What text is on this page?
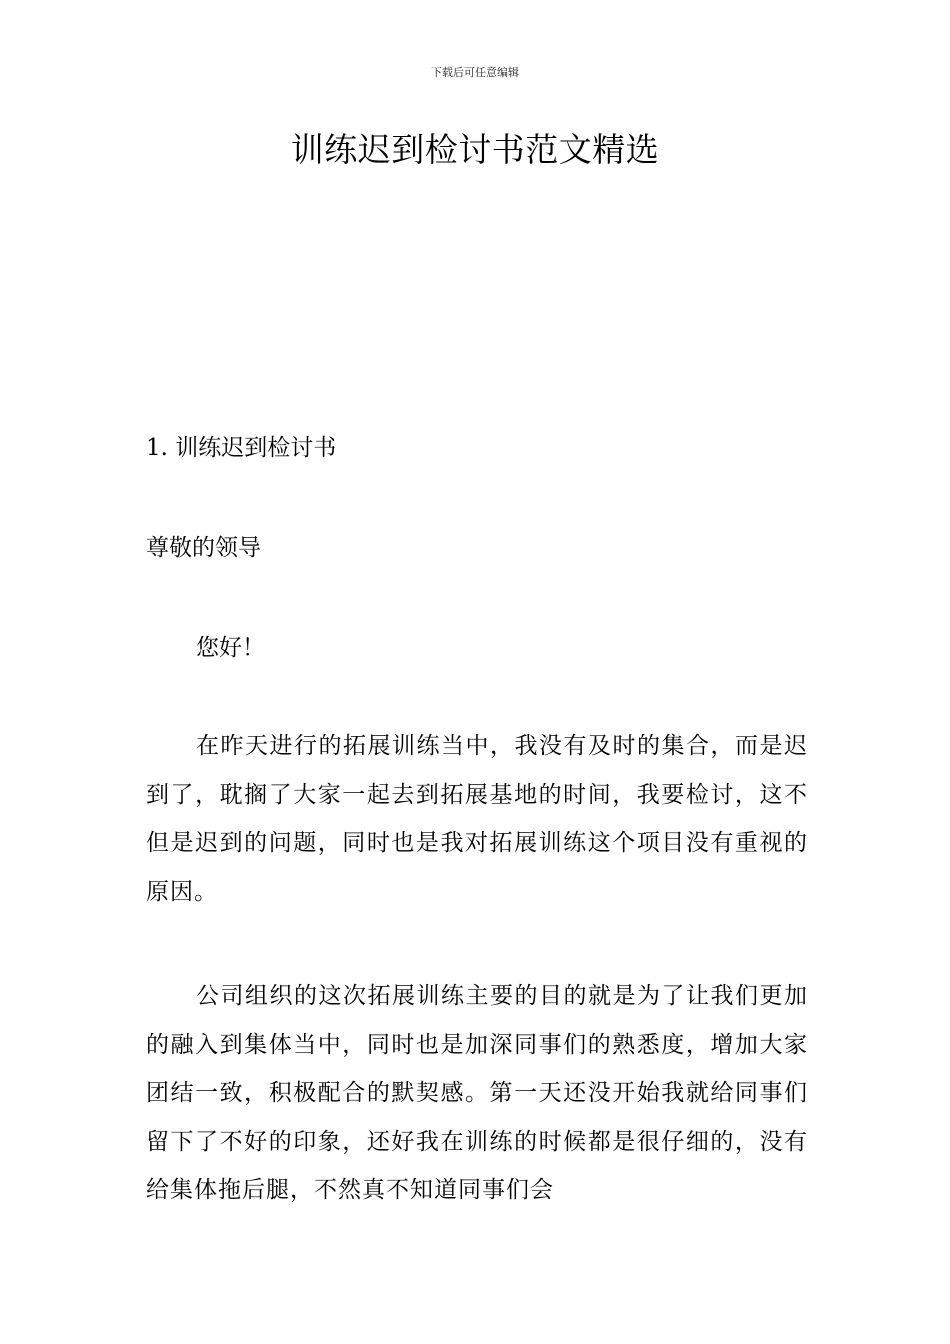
下载后可任意编辑
训练迟到检讨书范文精选
1. 训练迟到检讨书

尊敬的领导

您好！

在昨天进行的拓展训练当中，我没有及时的集合，而是迟到了，耽搁了大家一起去到拓展基地的时间，我要检讨，这不但是迟到的问题，同时也是我对拓展训练这个项目没有重视的原因。

公司组织的这次拓展训练主要的目的就是为了让我们更加的融入到集体当中，同时也是加深同事们的熟悉度，增加大家团结一致，积极配合的默契感。第一天还没开始我就给同事们留下了不好的印象，还好我在训练的时候都是很仔细的，没有给集体拖后腿，不然真不知道同事们会
